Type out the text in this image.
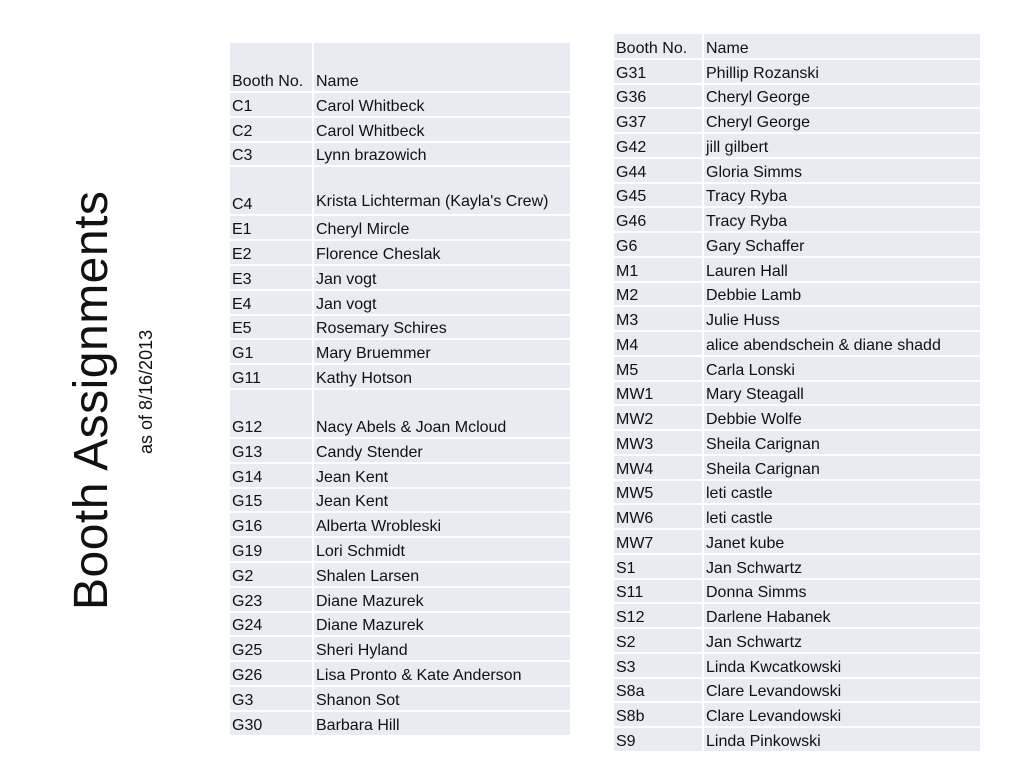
Booth Assignments as of 8/16/2013
Booth No.	Name
C1	Carol Whitbeck
C2	Carol Whitbeck
C3	Lynn brazowich
C4	Krista Lichterman (Kayla's Crew)
E1	Cheryl Mircle
E2	Florence Cheslak
E3	Jan vogt
E4	Jan vogt
E5	Rosemary Schires
G1	Mary Bruemmer
G11	Kathy Hotson
G12	Nacy Abels & Joan Mcloud
G13	Candy Stender
G14	Jean Kent
G15	Jean Kent
G16	Alberta Wrobleski
G19	Lori Schmidt
G2	Shalen Larsen
G23	Diane Mazurek
G24	Diane Mazurek
G25	Sheri Hyland
G26	Lisa Pronto & Kate Anderson
G3	Shanon Sot
G30	Barbara Hill
Booth No.	Name
G31	Phillip Rozanski
G36	Cheryl George
G37	Cheryl George
G42	jill gilbert
G44	Gloria Simms
G45	Tracy Ryba
G46	Tracy Ryba
G6	Gary Schaffer
M1	Lauren Hall
M2	Debbie Lamb
M3	Julie Huss
M4	alice abendschein & diane shadd
M5	Carla Lonski
MW1	Mary Steagall
MW2	Debbie Wolfe
MW3	Sheila Carignan
MW4	Sheila Carignan
MW5	leti castle
MW6	leti castle
MW7	Janet kube
S1	Jan Schwartz
S11	Donna Simms
S12	Darlene Habanek
S2	Jan Schwartz
S3	Linda Kwcatkowski
S8a	Clare Levandowski
S8b	Clare Levandowski
S9	Linda Pinkowski
